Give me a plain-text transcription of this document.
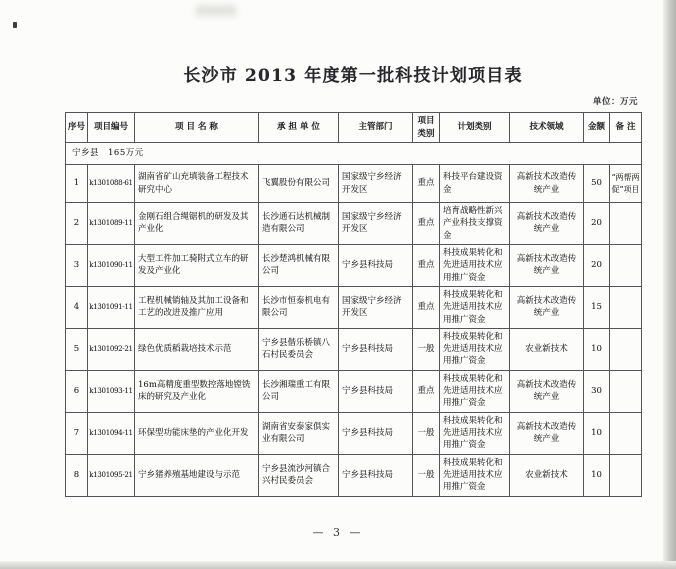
长沙市 2013 年度第一批科技计划项目表
单位：万元
序号	项目编号	项 目 名 称	承 担 单 位	主管部门	项目类别	计划类别	技术领域	金额	备 注
宁乡县　165万元									
1	k1301088-61	湖南省矿山充填装备工程技术研究中心	飞翼股份有限公司	国家级宁乡经济开发区	重点	科技平台建设资金	高新技术改造传统产业	50	“两帮两促”项目
2	k1301089-11	金刚石组合绳锯机的研发及其产业化	长沙通石达机械制造有限公司	国家级宁乡经济开发区	重点	培育战略性新兴产业科技支撑资金	高新技术改造传统产业	20	
3	k1301090-11	大型工件加工骑附式立车的研发及产业化	长沙楚鸿机械有限公司	宁乡县科技局	重点	科技成果转化和先进适用技术应用推广资金	高新技术改造传统产业	20	
4	k1301091-11	工程机械销轴及其加工设备和工艺的改进及推广应用	长沙市恒泰机电有限公司	国家级宁乡经济开发区	重点	科技成果转化和先进适用技术应用推广资金	高新技术改造传统产业	15	
5	k1301092-21	绿色优质稻栽培技术示范	宁乡县偕乐桥镇八石村民委员会	宁乡县科技局	一般	科技成果转化和先进适用技术应用推广资金	农业新技术	10	
6	k1301093-11	16m高精度重型数控落地镗铣床的研究及产业化	长沙湘瑞重工有限公司	宁乡县科技局	重点	科技成果转化和先进适用技术应用推广资金	高新技术改造传统产业	30	
7	k1301094-11	环保型功能床垫的产业化开发	湖南省安泰家俱实业有限公司	宁乡县科技局	一般	科技成果转化和先进适用技术应用推广资金	高新技术改造传统产业	10	
8	k1301095-21	宁乡猪养殖基地建设与示范	宁乡县流沙河镇合兴村民委员会	宁乡县科技局	一般	科技成果转化和先进适用技术应用推广资金	农业新技术	10	
— 3 —
